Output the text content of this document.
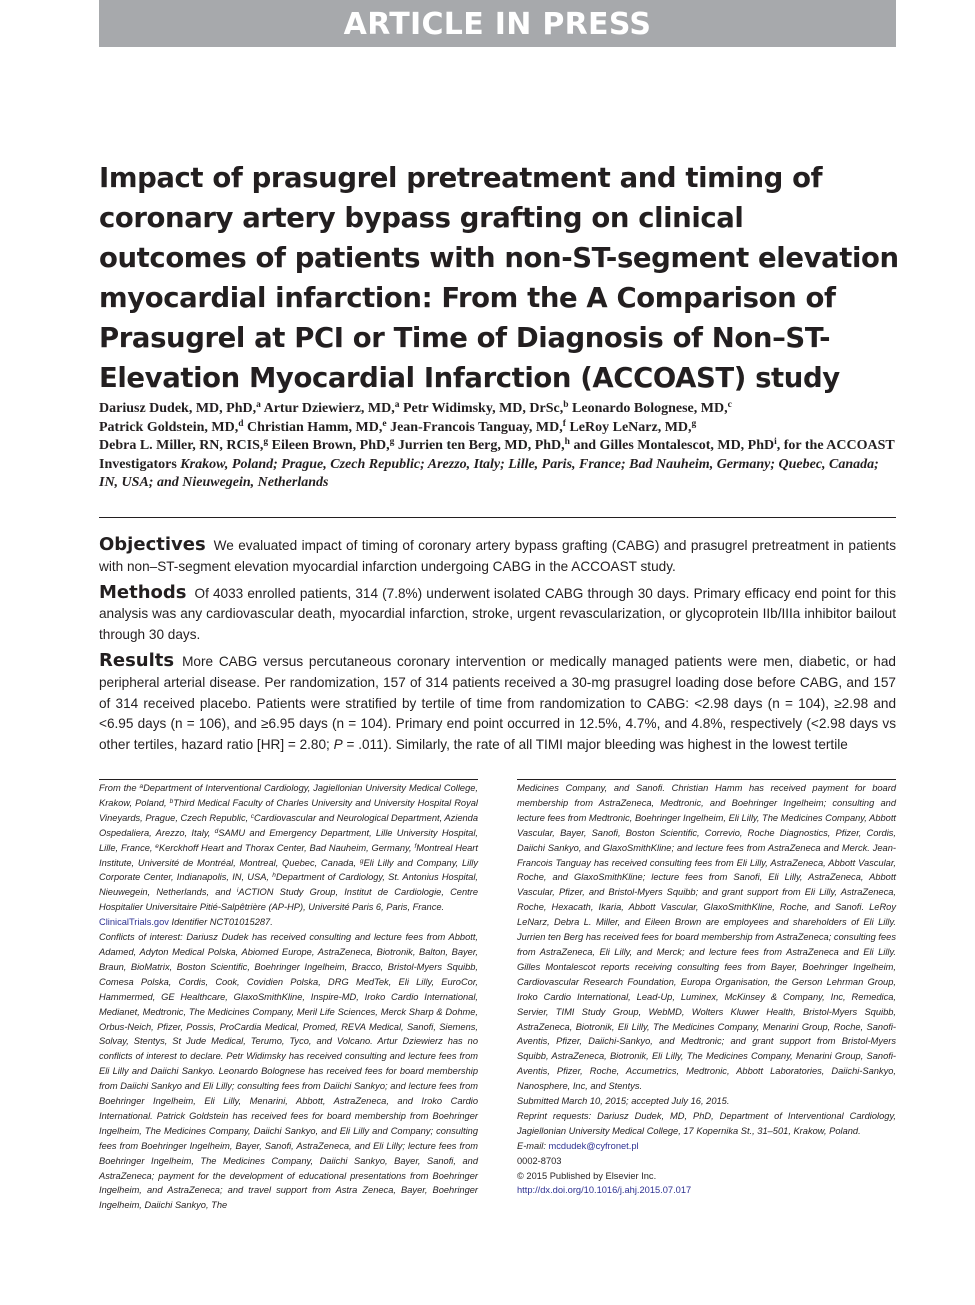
ARTICLE IN PRESS
Impact of prasugrel pretreatment and timing of coronary artery bypass grafting on clinical outcomes of patients with non-ST-segment elevation myocardial infarction: From the A Comparison of Prasugrel at PCI or Time of Diagnosis of Non–ST-Elevation Myocardial Infarction (ACCOAST) study
Dariusz Dudek, MD, PhD,$^a$ Artur Dziewierz, MD,$^a$ Petr Widimsky, MD, DrSc,$^b$ Leonardo Bolognese, MD,$^c$
Patrick Goldstein, MD,$^d$ Christian Hamm, MD,$^e$ Jean-Francois Tanguay, MD,$^f$ LeRoy LeNarz, MD,$^g$
Debra L. Miller, RN, RCIS,$^g$ Eileen Brown, PhD,$^g$ Jurrien ten Berg, MD, PhD,$^h$ and Gilles Montalescot, MD, PhD$^i$, for the ACCOAST Investigators Krakow, Poland; Prague, Czech Republic; Arezzo, Italy; Lille, Paris, France; Bad Nauheim, Germany; Quebec, Canada; IN, USA; and Nieuwegein, Netherlands

Objectives We evaluated impact of timing of coronary artery bypass grafting (CABG) and prasugrel pretreatment in patients with non–ST-segment elevation myocardial infarction undergoing CABG in the ACCOAST study.

Methods Of 4033 enrolled patients, 314 (7.8%) underwent isolated CABG through 30 days. Primary efficacy end point for this analysis was any cardiovascular death, myocardial infarction, stroke, urgent revascularization, or glycoprotein IIb/IIIa inhibitor bailout through 30 days.

Results More CABG versus percutaneous coronary intervention or medically managed patients were men, diabetic, or had peripheral arterial disease. Per randomization, 157 of 314 patients received a 30-mg prasugrel loading dose before CABG, and 157 of 314 received placebo. Patients were stratified by tertile of time from randomization to CABG: <2.98 days (n = 104), ≥2.98 and <6.95 days (n = 106), and ≥6.95 days (n = 104). Primary end point occurred in 12.5%, 4.7%, and 4.8%, respectively (<2.98 days vs other tertiles, hazard ratio [HR] = 2.80; P = .011). Similarly, the rate of all TIMI major bleeding was highest in the lowest tertile

From the $^a$Department of Interventional Cardiology, Jagiellonian University Medical College, Krakow, Poland, $^b$Third Medical Faculty of Charles University and University Hospital Royal Vineyards, Prague, Czech Republic, $^c$Cardiovascular and Neurological Department, Azienda Ospedaliera, Arezzo, Italy, $^d$SAMU and Emergency Department, Lille University Hospital, Lille, France, $^e$Kerckhoff Heart and Thorax Center, Bad Nauheim, Germany, $^f$Montreal Heart Institute, Université de Montréal, Montreal, Quebec, Canada, $^g$Eli Lilly and Company, Lilly Corporate Center, Indianapolis, IN, USA, $^h$Department of Cardiology, St. Antonius Hospital, Nieuwegein, Netherlands, and $^i$ACTION Study Group, Institut de Cardiologie, Centre Hospitalier Universitaire Pitié-Salpêtrière (AP-HP), Université Paris 6, Paris, France.

ClinicalTrials.gov Identifier NCT01015287.

Conflicts of interest: Dariusz Dudek has received consulting and lecture fees from Abbott, Adamed, Adyton Medical Polska, Abiomed Europe, AstraZeneca, Biotronik, Balton, Bayer, Braun, BioMatrix, Boston Scientific, Boehringer Ingelheim, Bracco, Bristol-Myers Squibb, Comesa Polska, Cordis, Cook, Covidien Polska, DRG MedTek, Eli Lilly, EuroCor, Hammermed, GE Healthcare, GlaxoSmithKline, Inspire-MD, Iroko Cardio International, Medianet, Medtronic, The Medicines Company, Meril Life Sciences, Merck Sharp & Dohme, Orbus-Neich, Pfizer, Possis, ProCardia Medical, Promed, REVA Medical, Sanofi, Siemens, Solvay, Stentys, St Jude Medical, Terumo, Tyco, and Volcano. Artur Dziewierz has no conflicts of interest to declare. Petr Widimsky has received consulting and lecture fees from Eli Lilly and Daiichi Sankyo. Leonardo Bolognese has received fees for board membership from Daiichi Sankyo and Eli Lilly; consulting fees from Daiichi Sankyo; and lecture fees from Boehringer Ingelheim, Eli Lilly, Menarini, Abbott, AstraZeneca, and Iroko Cardio International. Patrick Goldstein has received fees for board membership from Boehringer Ingelheim, The Medicines Company, Daiichi Sankyo, and Eli Lilly and Company; consulting fees from Boehringer Ingelheim, Bayer, Sanofi, AstraZeneca, and Eli Lilly; lecture fees from Boehringer Ingelheim, The Medicines Company, Daiichi Sankyo, Bayer, Sanofi, and AstraZeneca; payment for the development of educational presentations from Boehringer Ingelheim, and AstraZeneca; and travel support from Astra Zeneca, Bayer, Boehringer Ingelheim, Daiichi Sankyo, The

Medicines Company, and Sanofi. Christian Hamm has received payment for board membership from AstraZeneca, Medtronic, and Boehringer Ingelheim; consulting and lecture fees from Medtronic, Boehringer Ingelheim, Eli Lilly, The Medicines Company, Abbott Vascular, Bayer, Sanofi, Boston Scientific, Correvio, Roche Diagnostics, Pfizer, Cordis, Daiichi Sankyo, and GlaxoSmithKline; and lecture fees from AstraZeneca and Merck. Jean-Francois Tanguay has received consulting fees from Eli Lilly, AstraZeneca, Abbott Vascular, Roche, and GlaxoSmithKline; lecture fees from Sanofi, Eli Lilly, AstraZeneca, Abbott Vascular, Pfizer, and Bristol-Myers Squibb; and grant support from Eli Lilly, AstraZeneca, Roche, Hexacath, Ikaria, Abbott Vascular, GlaxoSmithKline, Roche, and Sanofi. LeRoy LeNarz, Debra L. Miller, and Eileen Brown are employees and shareholders of Eli Lilly. Jurrien ten Berg has received fees for board membership from AstraZeneca; consulting fees from AstraZeneca, Eli Lilly, and Merck; and lecture fees from AstraZeneca and Eli Lilly. Gilles Montalescot reports receiving consulting fees from Bayer, Boehringer Ingelheim, Cardiovascular Research Foundation, Europa Organisation, the Gerson Lehrman Group, Iroko Cardio International, Lead-Up, Luminex, McKinsey & Company, Inc, Remedica, Servier, TIMI Study Group, WebMD, Wolters Kluwer Health, Bristol-Myers Squibb, AstraZeneca, Biotronik, Eli Lilly, The Medicines Company, Menarini Group, Roche, Sanofi-Aventis, Pfizer, Daiichi-Sankyo, and Medtronic; and grant support from Bristol-Myers Squibb, AstraZeneca, Biotronik, Eli Lilly, The Medicines Company, Menarini Group, Sanofi-Aventis, Pfizer, Roche, Accumetrics, Medtronic, Abbott Laboratories, Daiichi-Sankyo, Nanosphere, Inc, and Stentys.

Submitted March 10, 2015; accepted July 16, 2015.

Reprint requests: Dariusz Dudek, MD, PhD, Department of Interventional Cardiology, Jagiellonian University Medical College, 17 Kopernika St., 31–501, Krakow, Poland.

E-mail: mcdudek@cyfronet.pl

0002-8703

© 2015 Published by Elsevier Inc.

http://dx.doi.org/10.1016/j.ahj.2015.07.017
